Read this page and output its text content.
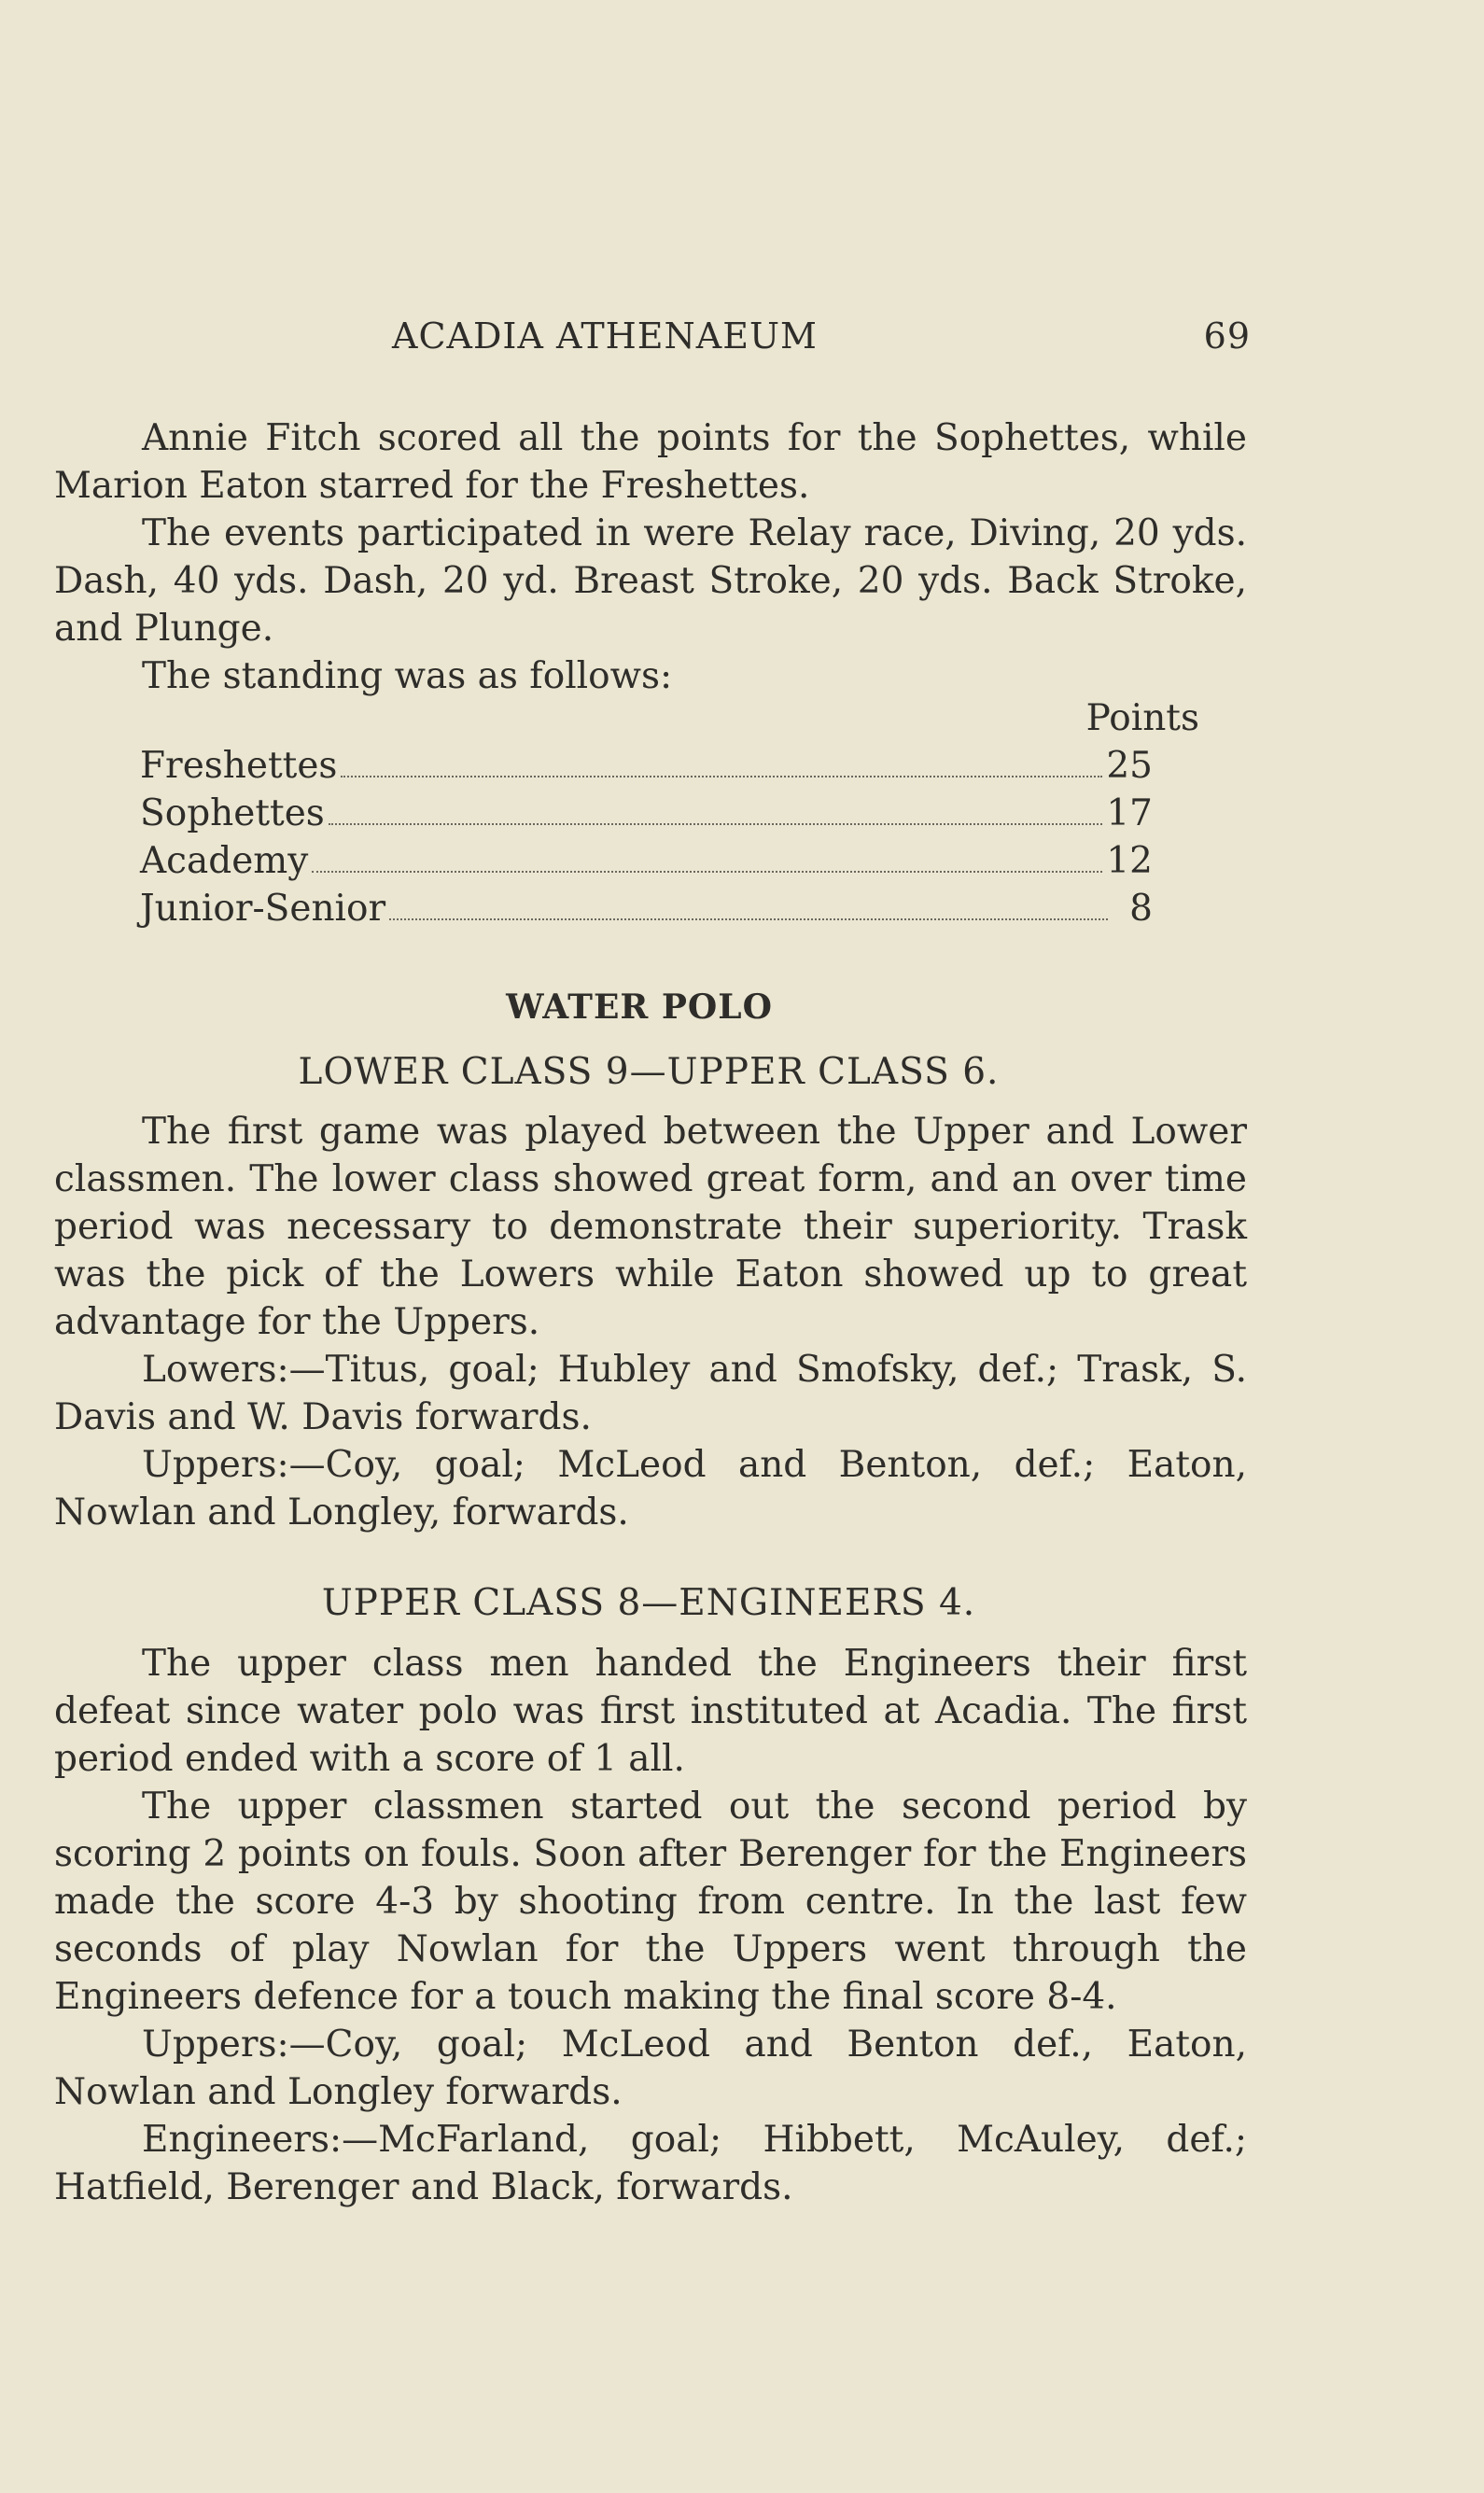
ACADIA ATHENAEUM	69

Annie Fitch scored all the points for the Sophettes, while Marion Eaton starred for the Freshettes.

The events participated in were Relay race, Diving, 20 yds. Dash, 40 yds. Dash, 20 yd. Breast Stroke, 20 yds. Back Stroke, and Plunge.

The standing was as follows:

Points
Freshettes	25
Sophettes	17
Academy	12
Junior-Senior	8
WATER POLO
LOWER CLASS 9—UPPER CLASS 6.

The first game was played between the Upper and Lower classmen. The lower class showed great form, and an over time period was necessary to demonstrate their superiority. Trask was the pick of the Lowers while Eaton showed up to great advantage for the Uppers.

Lowers:—Titus, goal; Hubley and Smofsky, def.; Trask, S. Davis and W. Davis forwards.

Uppers:—Coy, goal; McLeod and Benton, def.; Eaton, Nowlan and Longley, forwards.

UPPER CLASS 8—ENGINEERS 4.

The upper class men handed the Engineers their first defeat since water polo was first instituted at Acadia. The first period ended with a score of 1 all.

The upper classmen started out the second period by scoring 2 points on fouls. Soon after Berenger for the Engineers made the score 4-3 by shooting from centre. In the last few seconds of play Nowlan for the Uppers went through the Engineers defence for a touch making the final score 8-4.

Uppers:—Coy, goal; McLeod and Benton def., Eaton, Nowlan and Longley forwards.

Engineers:—McFarland, goal; Hibbett, McAuley, def.; Hatfield, Berenger and Black, forwards.
